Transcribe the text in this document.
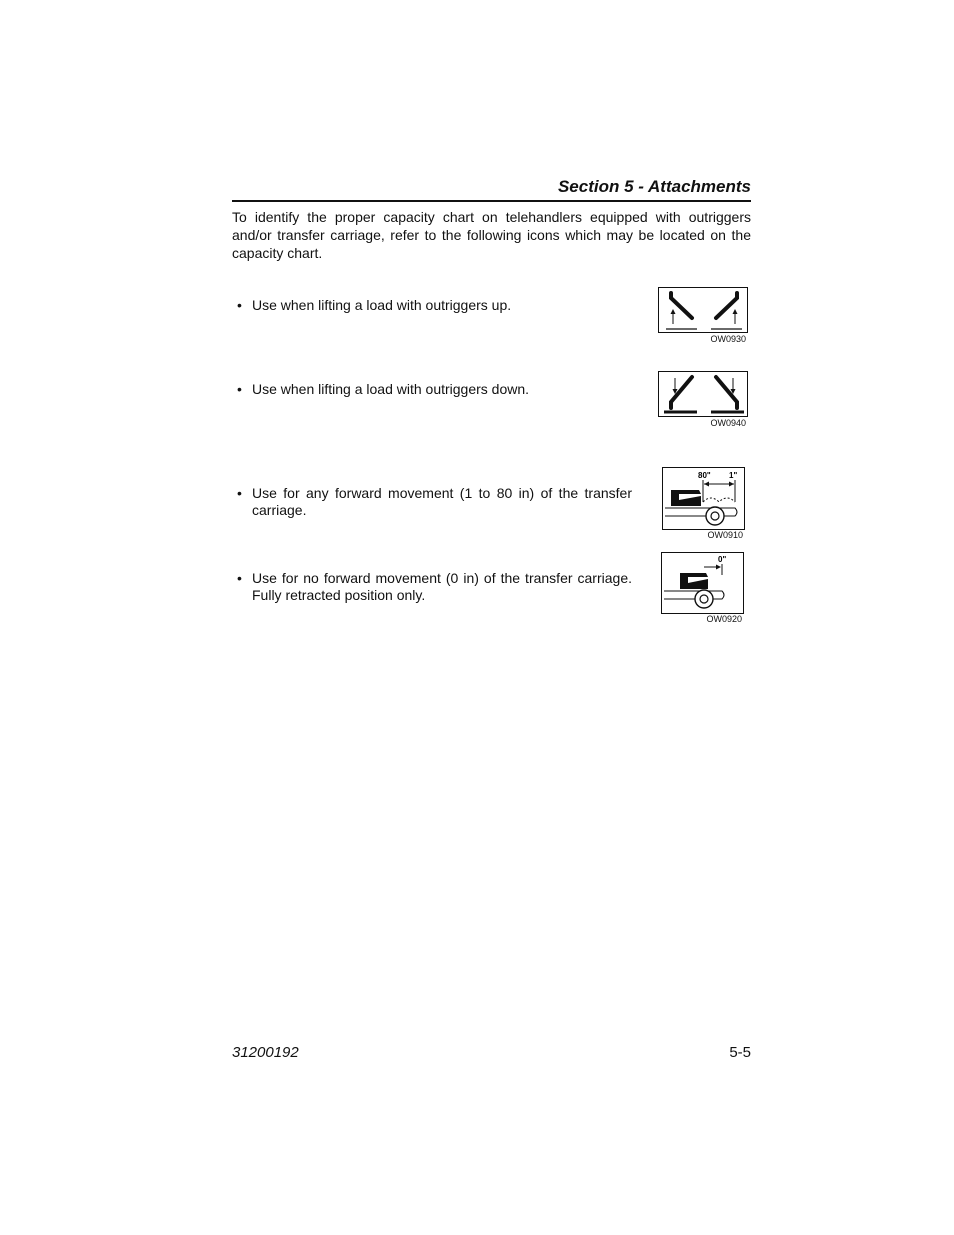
Section 5 - Attachments
To identify the proper capacity chart on telehandlers equipped with outriggers and/or transfer carriage, refer to the following icons which may be located on the capacity chart.
• Use when lifting a load with outriggers up.
OW0930
• Use when lifting a load with outriggers down.
OW0940
• Use for any forward movement (1 to 80 in) of the transfer carriage.
80" 1"
OW0910
• Use for no forward movement (0 in) of the transfer carriage. Fully retracted position only.
0"
OW0920
31200192	5-5
